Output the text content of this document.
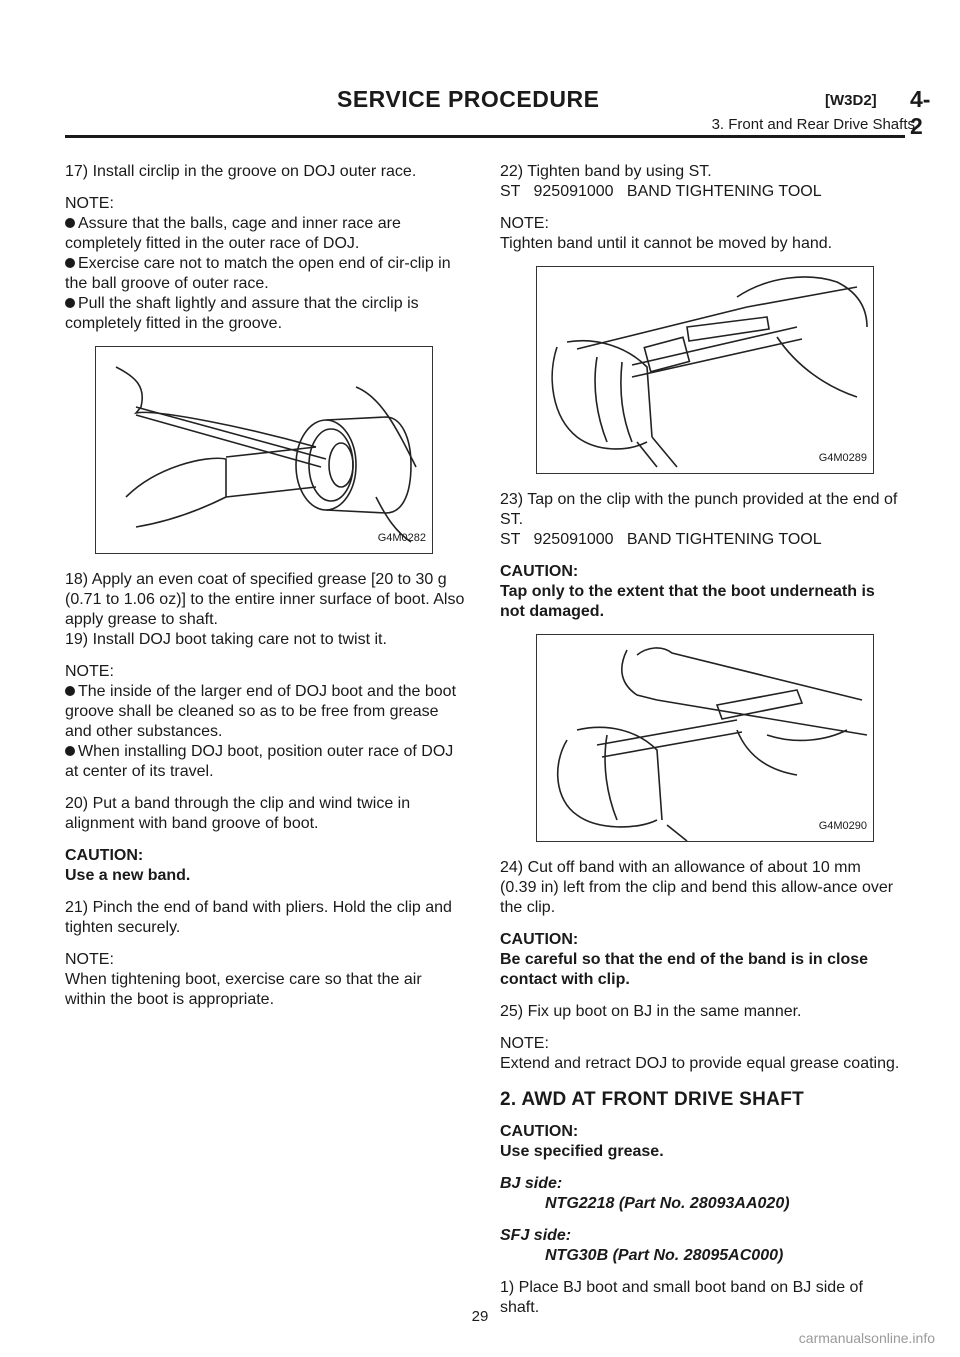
SERVICE PROCEDURE	[W3D2] 4-2
3. Front and Rear Drive Shafts

17) Install circlip in the groove on DOJ outer race.

NOTE:

Assure that the balls, cage and inner race are completely fitted in the outer race of DOJ.

Exercise care not to match the open end of cir-clip in the ball groove of outer race.

Pull the shaft lightly and assure that the circlip is completely fitted in the groove.

G4M0282

18) Apply an even coat of specified grease [20 to 30 g (0.71 to 1.06 oz)] to the entire inner surface of boot. Also apply grease to shaft.

19) Install DOJ boot taking care not to twist it.

NOTE:

The inside of the larger end of DOJ boot and the boot groove shall be cleaned so as to be free from grease and other substances.

When installing DOJ boot, position outer race of DOJ at center of its travel.

20) Put a band through the clip and wind twice in alignment with band groove of boot.

CAUTION:

Use a new band.

21) Pinch the end of band with pliers. Hold the clip and tighten securely.

NOTE:

When tightening boot, exercise care so that the air within the boot is appropriate.

22) Tighten band by using ST.

ST   925091000   BAND TIGHTENING TOOL

NOTE:

Tighten band until it cannot be moved by hand.

G4M0289

23) Tap on the clip with the punch provided at the end of ST.

ST   925091000   BAND TIGHTENING TOOL

CAUTION:

Tap only to the extent that the boot underneath is not damaged.

G4M0290

24) Cut off band with an allowance of about 10 mm (0.39 in) left from the clip and bend this allow-ance over the clip.

CAUTION:

Be careful so that the end of the band is in close contact with clip.

25) Fix up boot on BJ in the same manner.

NOTE:

Extend and retract DOJ to provide equal grease coating.

2. AWD AT FRONT DRIVE SHAFT

CAUTION:

Use specified grease.

BJ side:

NTG2218 (Part No. 28093AA020)

SFJ side:

NTG30B (Part No. 28095AC000)

1) Place BJ boot and small boot band on BJ side of shaft.

29
carmanualsonline.info
